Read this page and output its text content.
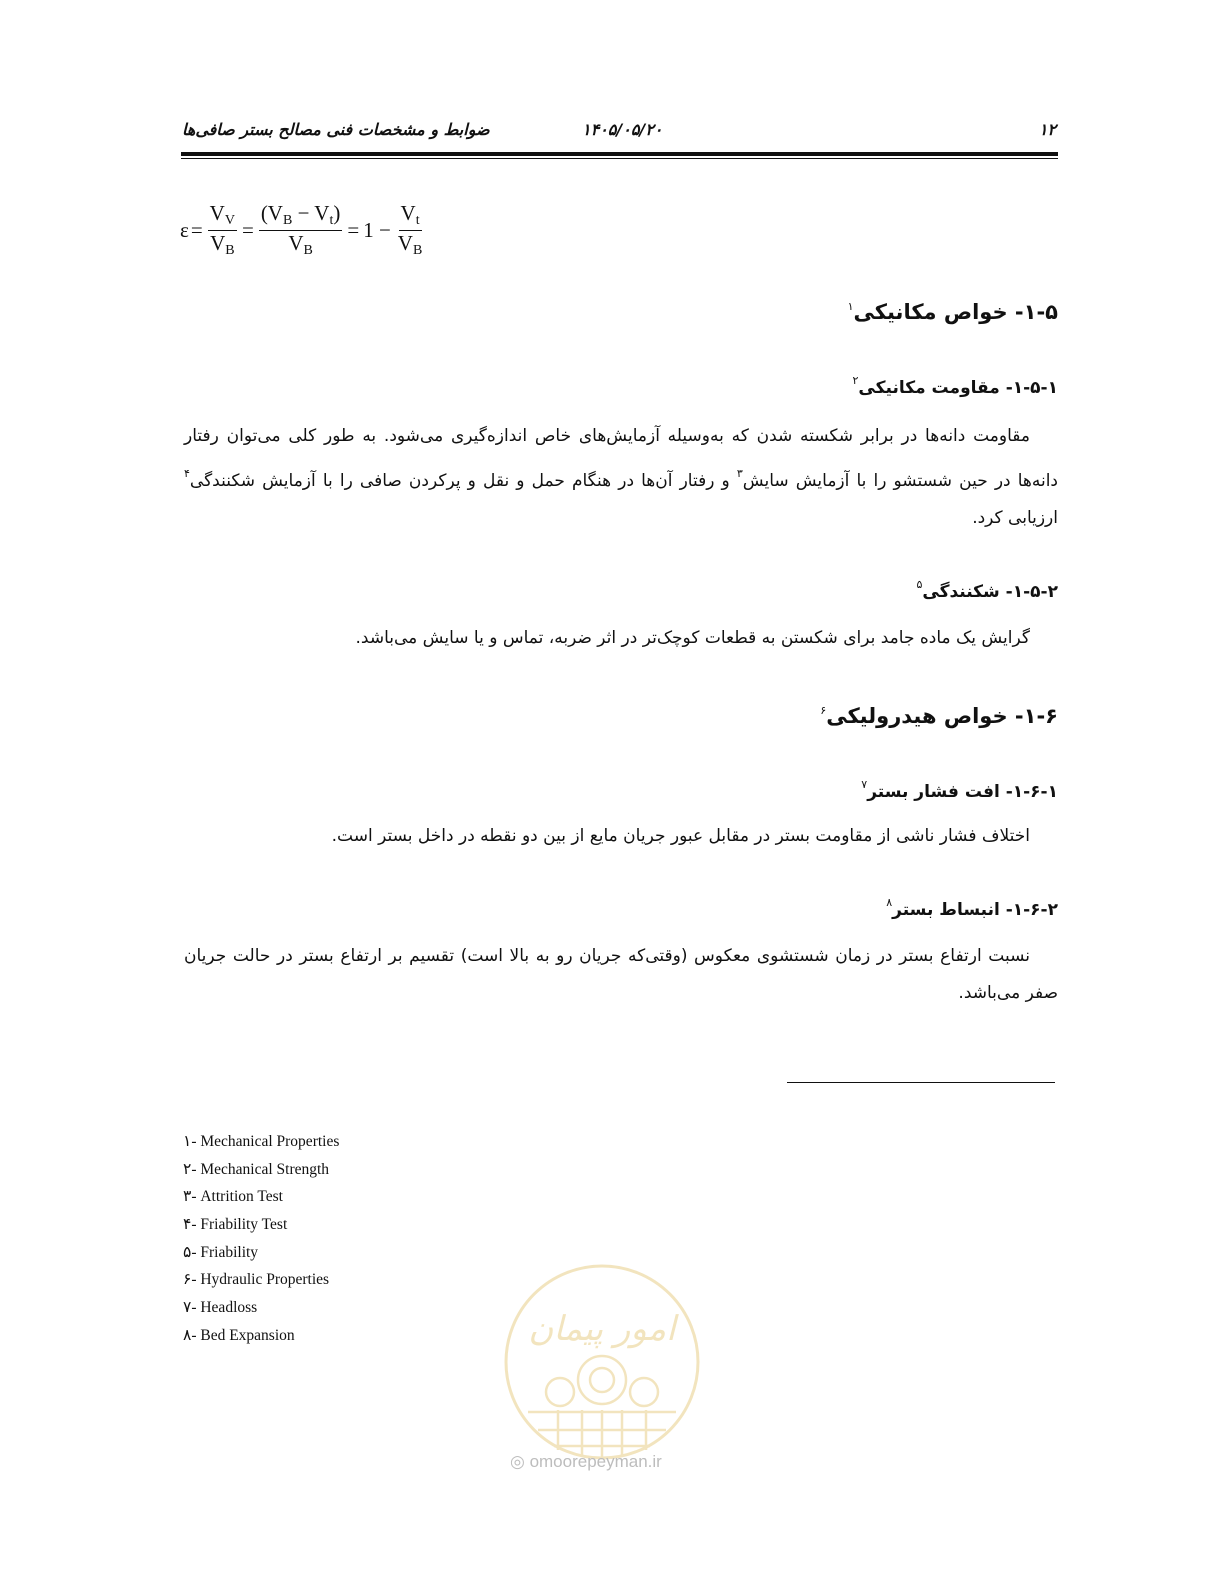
۱۲
۱۴۰۵/۰۵/۲۰
ضوابط و مشخصات فنی مصالح بستر صافی‌ها
$\varepsilon = \frac{V_V}{V_B} = \frac{(V_B - V_t)}{V_B} = 1 - \frac{V_t}{V_B}$
۱-۵- خواص مکانیکی$^۱$
۱-۵-۱- مقاومت مکانیکی$^۲$

مقاومت دانه‌ها در برابر شکسته شدن که به‌وسیله آزمایش‌های خاص اندازه‌گیری می‌شود. به طور کلی می‌توان رفتار دانه‌ها در حین شستشو را با آزمایش سایش$^۳$ و رفتار آن‌ها در هنگام حمل و نقل و پرکردن صافی را با آزمایش شکنندگی$^۴$ ارزیابی کرد.

۱-۵-۲- شکنندگی$^۵$
گرایش یک ماده جامد برای شکستن به قطعات کوچک‌تر در اثر ضربه، تماس و یا سایش می‌باشد.
۱-۶- خواص هیدرولیکی$^۶$
۱-۶-۱- افت فشار بستر$^۷$
اختلاف فشار ناشی از مقاومت بستر در مقابل عبور جریان مایع از بین دو نقطه در داخل بستر است.
۱-۶-۲- انبساط بستر$^۸$

نسبت ارتفاع بستر در زمان شستشوی معکوس (وقتی‌که جریان رو به بالا است) تقسیم بر ارتفاع بستر در حالت جریان صفر می‌باشد.

۱- Mechanical Properties
۲- Mechanical Strength
۳- Attrition Test
۴- Friability Test
۵- Friability
۶- Hydraulic Properties
۷- Headloss
۸- Bed Expansion	امور پیمان
◎ omoorepeyman.ir
